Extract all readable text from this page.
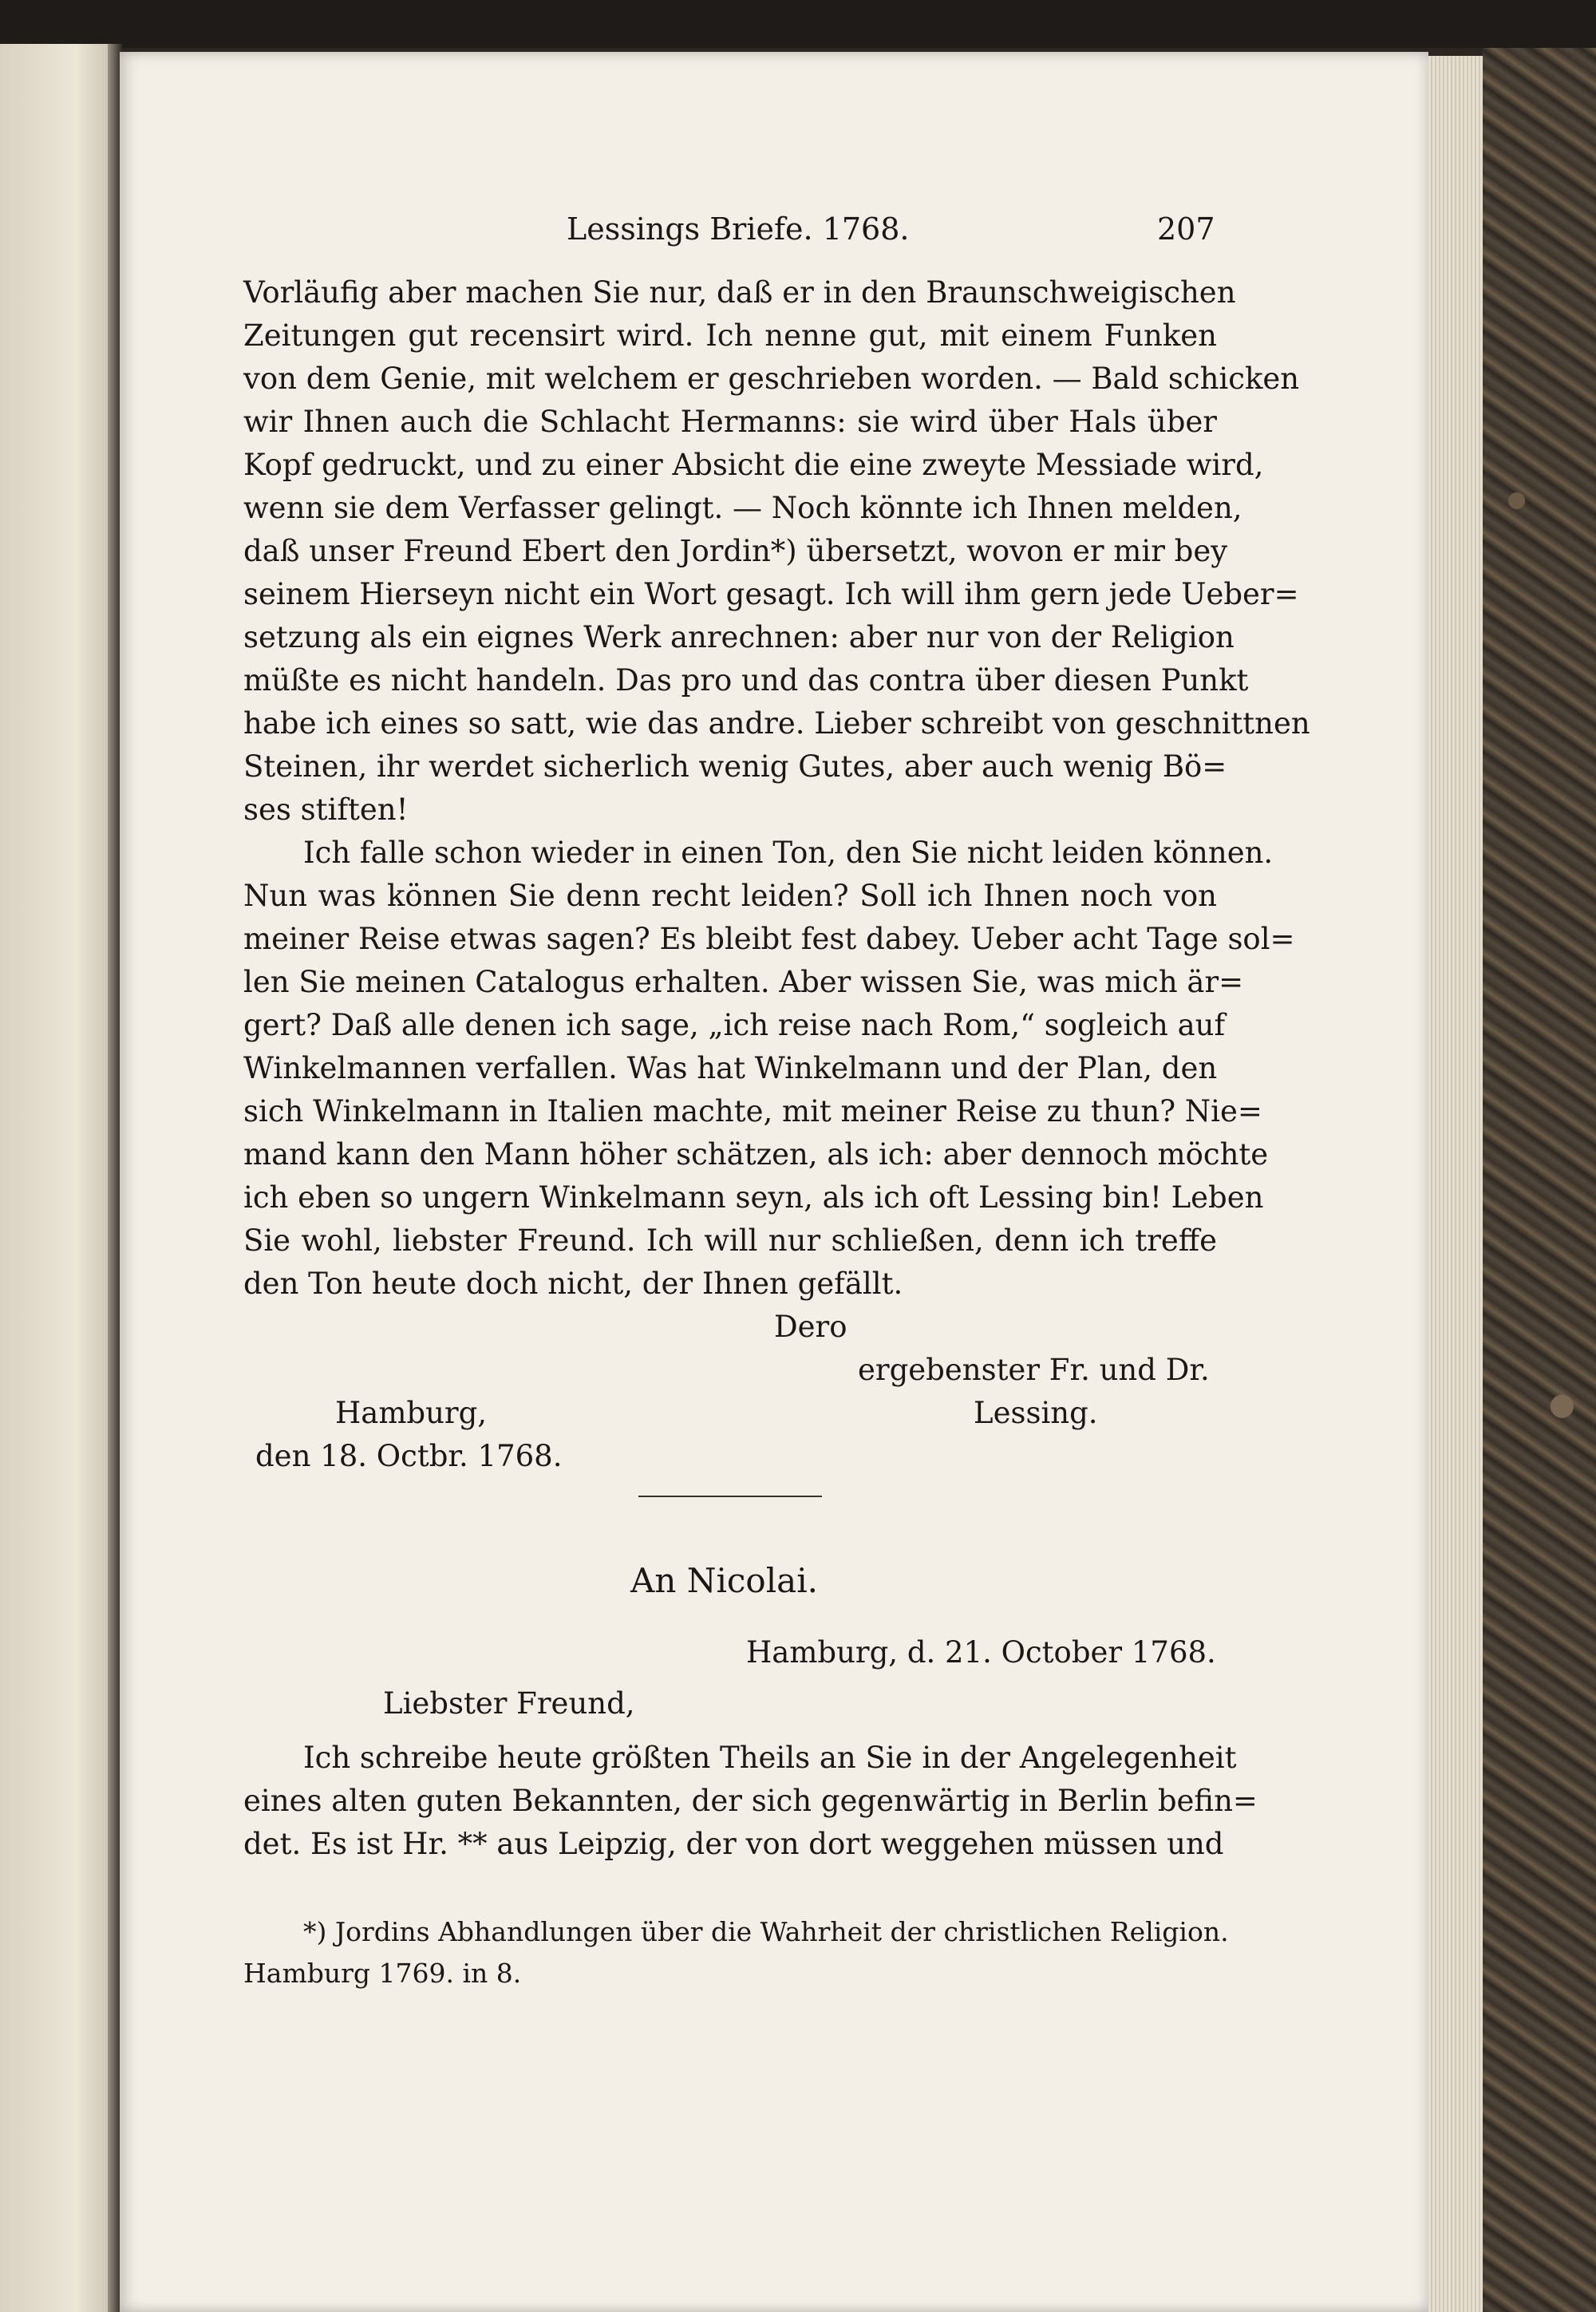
Lessings Briefe. 1768.	207

Vorläufig aber machen Sie nur, daß er in den Braunschweigischen

Zeitungen gut recensirt wird. Ich nenne gut, mit einem Funken

von dem Genie, mit welchem er geschrieben worden. — Bald schicken

wir Ihnen auch die Schlacht Hermanns: sie wird über Hals über

Kopf gedruckt, und zu einer Absicht die eine zweyte Messiade wird,

wenn sie dem Verfasser gelingt. — Noch könnte ich Ihnen melden,

daß unser Freund Ebert den Jordin*) übersetzt, wovon er mir bey

seinem Hierseyn nicht ein Wort gesagt. Ich will ihm gern jede Ueber=

setzung als ein eignes Werk anrechnen: aber nur von der Religion

müßte es nicht handeln. Das pro und das contra über diesen Punkt

habe ich eines so satt, wie das andre. Lieber schreibt von geschnittnen

Steinen, ihr werdet sicherlich wenig Gutes, aber auch wenig Bö=

ses stiften!

Ich falle schon wieder in einen Ton, den Sie nicht leiden können.

Nun was können Sie denn recht leiden? Soll ich Ihnen noch von

meiner Reise etwas sagen? Es bleibt fest dabey. Ueber acht Tage sol=

len Sie meinen Catalogus erhalten. Aber wissen Sie, was mich är=

gert? Daß alle denen ich sage, „ich reise nach Rom,“ sogleich auf

Winkelmannen verfallen. Was hat Winkelmann und der Plan, den

sich Winkelmann in Italien machte, mit meiner Reise zu thun? Nie=

mand kann den Mann höher schätzen, als ich: aber dennoch möchte

ich eben so ungern Winkelmann seyn, als ich oft Lessing bin! Leben

Sie wohl, liebster Freund. Ich will nur schließen, denn ich treffe

den Ton heute doch nicht, der Ihnen gefällt.

Dero

ergebenster Fr. und Dr.

Hamburg,	Lessing.

den 18. Octbr. 1768.

An Nicolai.

Hamburg, d. 21. October 1768.

Liebster Freund,

Ich schreibe heute größten Theils an Sie in der Angelegenheit

eines alten guten Bekannten, der sich gegenwärtig in Berlin befin=

det. Es ist Hr. ** aus Leipzig, der von dort weggehen müssen und

*) Jordins Abhandlungen über die Wahrheit der christlichen Religion.

Hamburg 1769. in 8.
